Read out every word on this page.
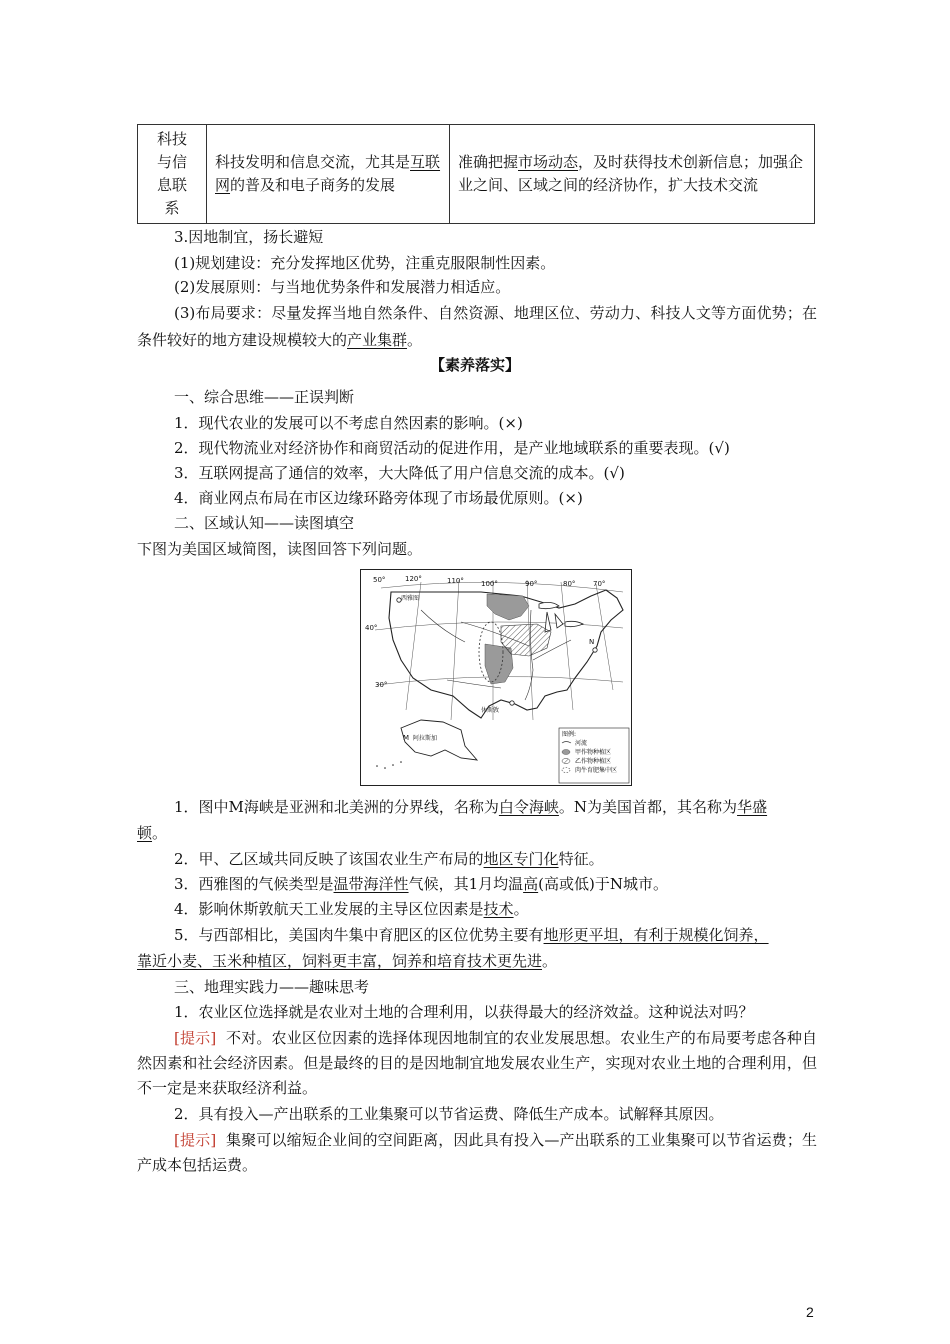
科技
与信
息联
系	科技发明和信息交流，尤其是互联网的普及和电子商务的发展	准确把握市场动态，及时获得技术创新信息；加强企业之间、区域之间的经济协作，扩大技术交流
3.因地制宜，扬长避短
(1)规划建设：充分发挥地区优势，注重克服限制性因素。
(2)发展原则：与当地优势条件和发展潜力相适应。
(3)布局要求：尽量发挥当地自然条件、自然资源、地理区位、劳动力、科技人文等方面优势；在条件较好的地方建设规模较大的产业集群。
【素养落实】
一、综合思维——正误判断
1．现代农业的发展可以不考虑自然因素的影响。(×)
2．现代物流业对经济协作和商贸活动的促进作用，是产业地域联系的重要表现。(√)
3．互联网提高了通信的效率，大大降低了用户信息交流的成本。(√)
4．商业网点布局在市区边缘环路旁体现了市场最优原则。(×)
二、区域认知——读图填空
下图为美国区域简图，读图回答下列问题。
50°	120°	110° 100°	90°	80°	70°
40°
30°
西雅图
休斯敦
M 阿拉斯加
N
图例:
河流
甲作物种植区
乙作物种植区
肉牛育肥集中区
1．图中M海峡是亚洲和北美洲的分界线，名称为白令海峡。N为美国首都，其名称为华盛
顿。
2．甲、乙区域共同反映了该国农业生产布局的地区专门化特征。
3．西雅图的气候类型是温带海洋性气候，其1月均温高(高或低)于N城市。
4．影响休斯敦航天工业发展的主导区位因素是技术。
5．与西部相比，美国肉牛集中育肥区的区位优势主要有地形更平坦，有利于规模化饲养，
靠近小麦、玉米种植区，饲料更丰富，饲养和培育技术更先进。
三、地理实践力——趣味思考
1．农业区位选择就是农业对土地的合理利用，以获得最大的经济效益。这种说法对吗？
[提示] 不对。农业区位因素的选择体现因地制宜的农业发展思想。农业生产的布局要考虑各种自然因素和社会经济因素。但是最终的目的是因地制宜地发展农业生产，实现对农业土地的合理利用，但不一定是来获取经济利益。
2．具有投入—产出联系的工业集聚可以节省运费、降低生产成本。试解释其原因。
[提示] 集聚可以缩短企业间的空间距离，因此具有投入—产出联系的工业集聚可以节省运费；生产成本包括运费。
2
